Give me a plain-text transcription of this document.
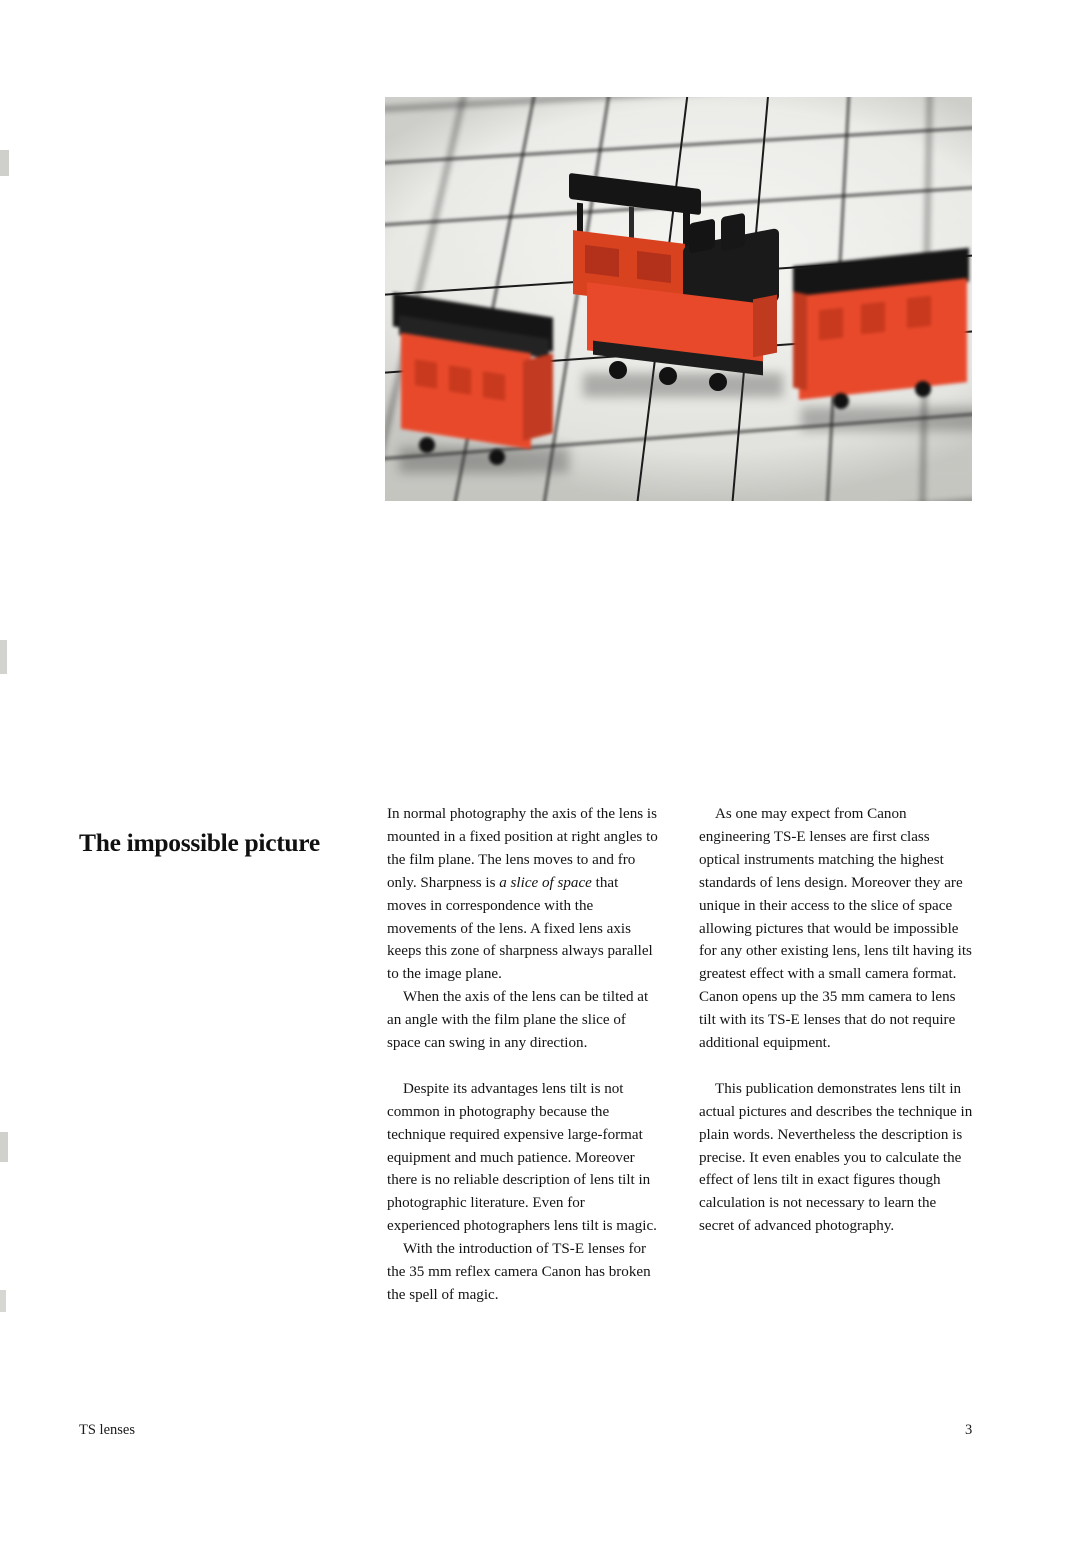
The impossible picture

In normal photography the axis of the lens is mounted in a fixed position at right angles to the film plane. The lens moves to and fro only. Sharpness is a slice of space that moves in correspondence with the movements of the lens. A fixed lens axis keeps this zone of sharpness always parallel to the image plane.

When the axis of the lens can be tilted at an angle with the film plane the slice of space can swing in any direction.

Despite its advantages lens tilt is not common in photography because the technique required expensive large-format equipment and much patience. Moreover there is no reliable description of lens tilt in photographic literature. Even for experienced photographers lens tilt is magic.

With the introduction of TS-E lenses for the 35 mm reflex camera Canon has broken the spell of magic.

As one may expect from Canon engineering TS-E lenses are first class optical instruments matching the highest standards of lens design. Moreover they are unique in their access to the slice of space allowing pictures that would be impossible for any other existing lens, lens tilt having its greatest effect with a small camera format. Canon opens up the 35 mm camera to lens tilt with its TS-E lenses that do not require additional equipment.

This publication demonstrates lens tilt in actual pictures and describes the technique in plain words. Nevertheless the description is precise. It even enables you to calculate the effect of lens tilt in exact figures though calculation is not necessary to learn the secret of advanced photography.

TS lenses	3
